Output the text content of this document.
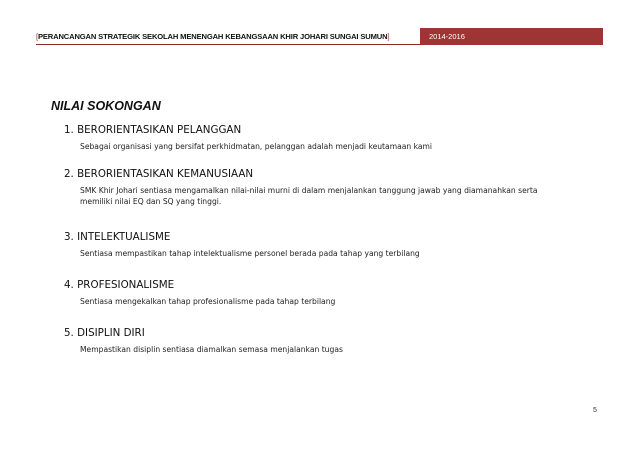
[PERANCANGAN STRATEGIK SEKOLAH MENENGAH KEBANGSAAN KHIR JOHARI SUNGAI SUMUN]	2014-2016
NILAI SOKONGAN
1. BERORIENTASIKAN PELANGGAN
Sebagai organisasi yang bersifat perkhidmatan, pelanggan adalah menjadi keutamaan kami
2. BERORIENTASIKAN KEMANUSIAAN
SMK Khir Johari sentiasa mengamalkan nilai-nilai murni di dalam menjalankan tanggung jawab yang diamanahkan serta memiliki nilai EQ dan SQ yang tinggi.
3. INTELEKTUALISME
Sentiasa mempastikan tahap intelektualisme personel berada pada tahap yang terbilang
4. PROFESIONALISME
Sentiasa mengekalkan tahap profesionalisme pada tahap terbilang
5. DISIPLIN DIRI
Mempastikan disiplin sentiasa diamalkan semasa menjalankan tugas
5
